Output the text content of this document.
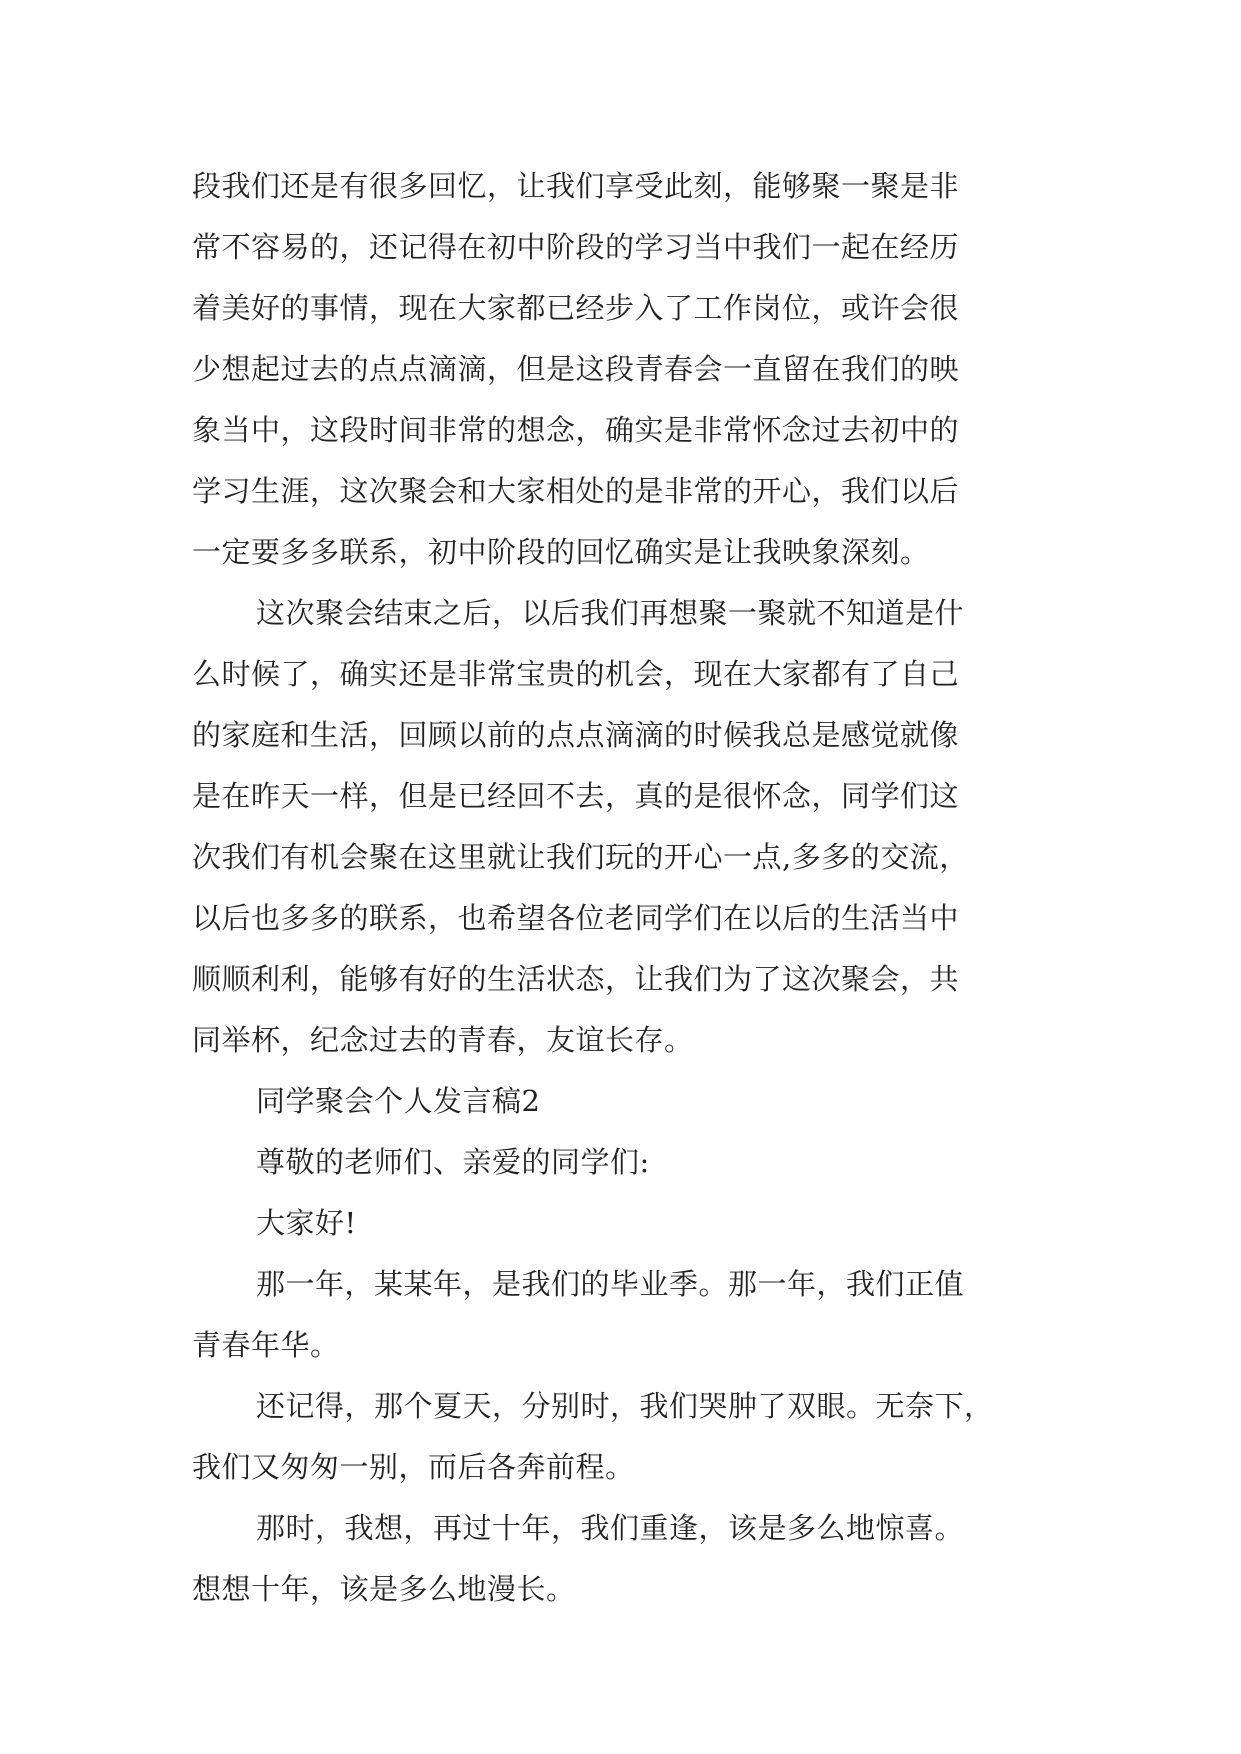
段我们还是有很多回忆，让我们享受此刻，能够聚一聚是非
常不容易的，还记得在初中阶段的学习当中我们一起在经历
着美好的事情，现在大家都已经步入了工作岗位，或许会很
少想起过去的点点滴滴，但是这段青春会一直留在我们的映
象当中，这段时间非常的想念，确实是非常怀念过去初中的
学习生涯，这次聚会和大家相处的是非常的开心，我们以后
一定要多多联系，初中阶段的回忆确实是让我映象深刻。
这次聚会结束之后，以后我们再想聚一聚就不知道是什
么时候了，确实还是非常宝贵的机会，现在大家都有了自己
的家庭和生活，回顾以前的点点滴滴的时候我总是感觉就像
是在昨天一样，但是已经回不去，真的是很怀念，同学们这
次我们有机会聚在这里就让我们玩的开心一点,多多的交流，
以后也多多的联系，也希望各位老同学们在以后的生活当中
顺顺利利，能够有好的生活状态，让我们为了这次聚会，共
同举杯，纪念过去的青春，友谊长存。
同学聚会个人发言稿2
尊敬的老师们、亲爱的同学们:
大家好!
那一年，某某年，是我们的毕业季。那一年，我们正值
青春年华。
还记得，那个夏天，分别时，我们哭肿了双眼。无奈下，
我们又匆匆一别，而后各奔前程。
那时，我想，再过十年，我们重逢，该是多么地惊喜。
想想十年，该是多么地漫长。
